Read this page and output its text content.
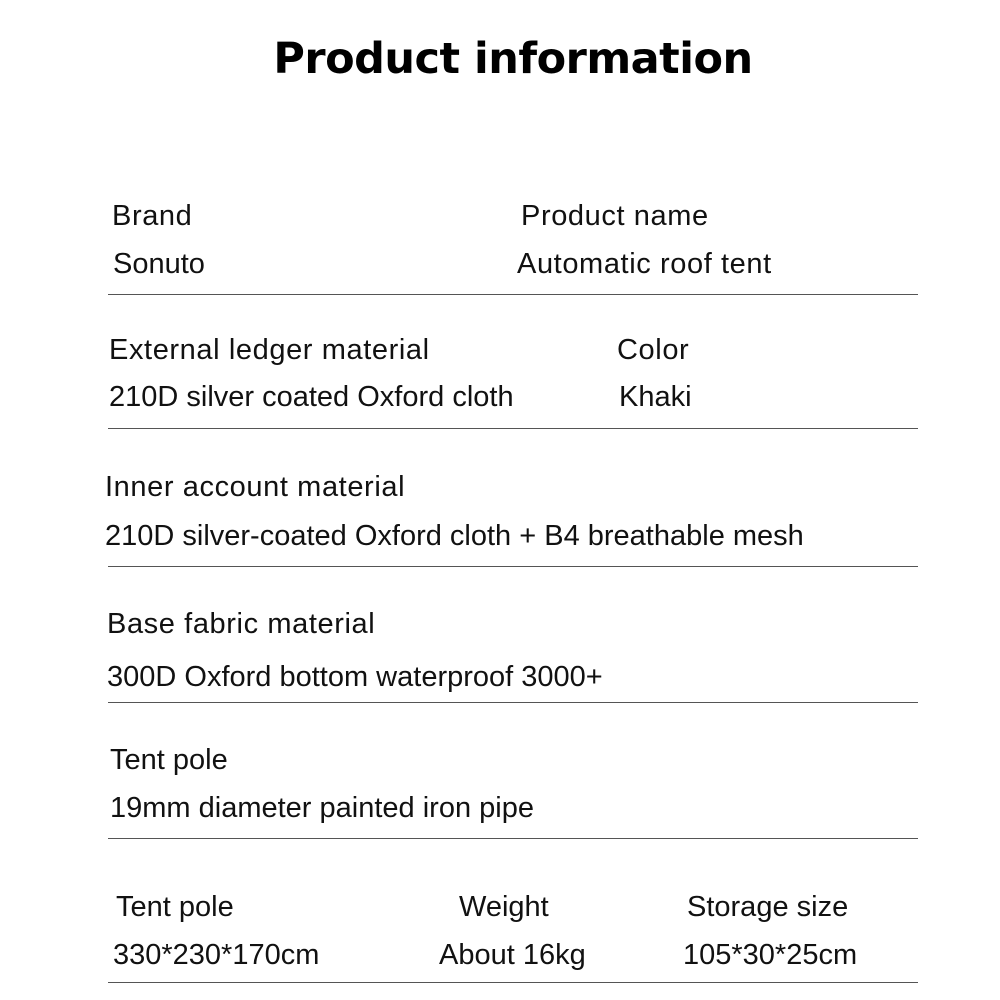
Product information
Brand
Sonuto
Product name
Automatic roof tent
External ledger material
210D silver coated Oxford cloth
Color
Khaki
Inner account material
210D silver-coated Oxford cloth + B4 breathable mesh
Base fabric material
300D Oxford bottom waterproof 3000+
Tent pole
19mm diameter painted iron pipe
Tent pole
330*230*170cm
Weight
About 16kg
Storage size
105*30*25cm
